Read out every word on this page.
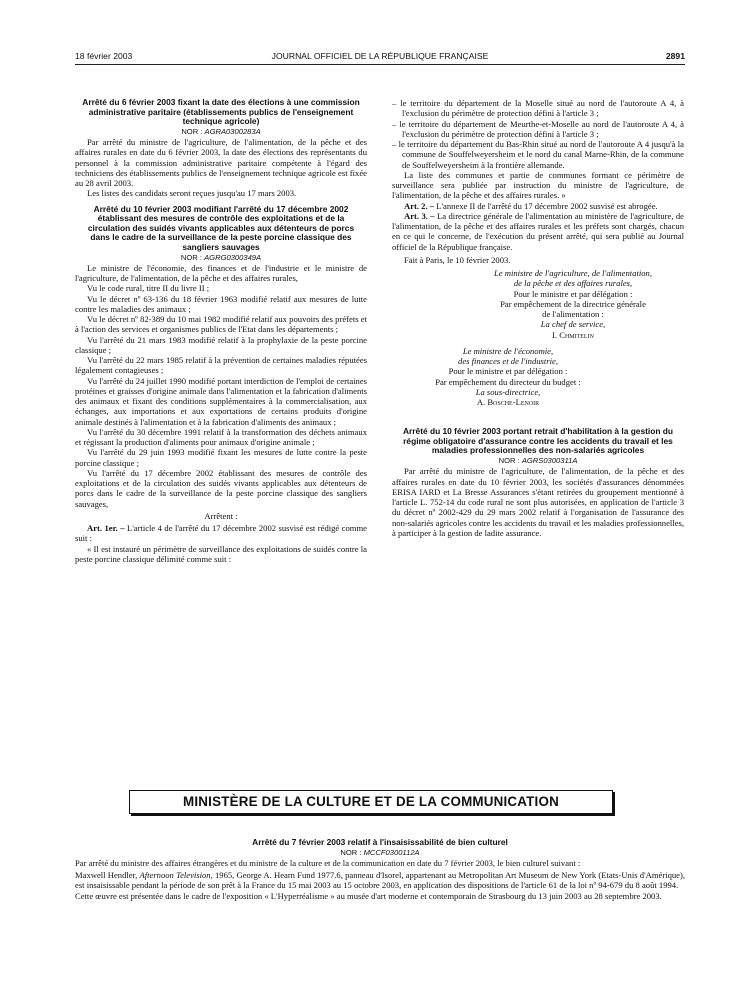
18 février 2003	JOURNAL OFFICIEL DE LA RÉPUBLIQUE FRANÇAISE	2891

Arrêté du 6 février 2003 fixant la date des élections à une commission administrative paritaire (établissements publics de l'enseignement technique agricole)

NOR : AGRA0300283A

Par arrêté du ministre de l'agriculture, de l'alimentation, de la pêche et des affaires rurales en date du 6 février 2003, la date des élections des représentants du personnel à la commission administrative paritaire compétente à l'égard des techniciens des établissements publics de l'enseignement technique agricole est fixée au 28 avril 2003.

Les listes des candidats seront reçues jusqu'au 17 mars 2003.

Arrêté du 10 février 2003 modifiant l'arrêté du 17 décembre 2002 établissant des mesures de contrôle des exploitations et de la circulation des suidés vivants applicables aux détenteurs de porcs dans le cadre de la surveillance de la peste porcine classique des sangliers sauvages

NOR : AGRG0300349A

Le ministre de l'économie, des finances et de l'industrie et le ministre de l'agriculture, de l'alimentation, de la pêche et des affaires rurales,

Vu le code rural, titre II du livre II ;

Vu le décret nº 63-136 du 18 février 1963 modifié relatif aux mesures de lutte contre les maladies des animaux ;

Vu le décret nº 82-389 du 10 mai 1982 modifié relatif aux pouvoirs des préfets et à l'action des services et organismes publics de l'Etat dans les départements ;

Vu l'arrêté du 21 mars 1983 modifié relatif à la prophylaxie de la peste porcine classique ;

Vu l'arrêté du 22 mars 1985 relatif à la prévention de certaines maladies réputées légalement contagieuses ;

Vu l'arrêté du 24 juillet 1990 modifié portant interdiction de l'emploi de certaines protéines et graisses d'origine animale dans l'alimentation et la fabrication d'aliments des animaux et fixant des conditions supplémentaires à la commercialisation, aux échanges, aux importations et aux exportations de certains produits d'origine animale destinés à l'alimentation et à la fabrication d'aliments des animaux ;

Vu l'arrêté du 30 décembre 1991 relatif à la transformation des déchets animaux et régissant la production d'aliments pour animaux d'origine animale ;

Vu l'arrêté du 29 juin 1993 modifié fixant les mesures de lutte contre la peste porcine classique ;

Vu l'arrêté du 17 décembre 2002 établissant des mesures de contrôle des exploitations et de la circulation des suidés vivants applicables aux détenteurs de porcs dans le cadre de la surveillance de la peste porcine classique des sangliers sauvages,

Arrêtent :

Art. 1er. – L'article 4 de l'arrêté du 17 décembre 2002 susvisé est rédigé comme suit :

« Il est instauré un périmètre de surveillance des exploitations de suidés contre la peste porcine classique délimité comme suit :

– le territoire du département de la Moselle situé au nord de l'autoroute A 4, à l'exclusion du périmètre de protection défini à l'article 3 ;

– le territoire du département de Meurthe-et-Moselle au nord de l'autoroute A 4, à l'exclusion du périmètre de protection défini à l'article 3 ;

– le territoire du département du Bas-Rhin situé au nord de l'autoroute A 4 jusqu'à la commune de Souffelweyersheim et le nord du canal Marne-Rhin, de la commune de Souffelweyersheim à la frontière allemande.

La liste des communes et partie de communes formant ce périmètre de surveillance sera publiée par instruction du ministre de l'agriculture, de l'alimentation, de la pêche et des affaires rurales. »

Art. 2. – L'annexe II de l'arrêté du 17 décembre 2002 susvisé est abrogée.

Art. 3. – La directrice générale de l'alimentation au ministère de l'agriculture, de l'alimentation, de la pêche et des affaires rurales et les préfets sont chargés, chacun en ce qui le concerne, de l'exécution du présent arrêté, qui sera publié au Journal officiel de la République française.

Fait à Paris, le 10 février 2003.

Le ministre de l'agriculture, de l'alimentation,
de la pêche et des affaires rurales,
Pour le ministre et par délégation :
Par empêchement de la directrice générale
de l'alimentation :
La chef de service,
I. Chmitelin
Le ministre de l'économie,
des finances et de l'industrie,
Pour le ministre et par délégation :
Par empêchement du directeur du budget :
La sous-directrice,
A. Bosche-Lenoir

Arrêté du 10 février 2003 portant retrait d'habilitation à la gestion du régime obligatoire d'assurance contre les accidents du travail et les maladies professionnelles des non-salariés agricoles

NOR : AGRS0300311A

Par arrêté du ministre de l'agriculture, de l'alimentation, de la pêche et des affaires rurales en date du 10 février 2003, les sociétés d'assurances dénommées ERISA IARD et La Bresse Assurances s'étant retirées du groupement mentionné à l'article L. 752-14 du code rural ne sont plus autorisées, en application de l'article 3 du décret nº 2002-429 du 29 mars 2002 relatif à l'organisation de l'assurance des non-salariés agricoles contre les accidents du travail et les maladies professionnelles, à participer à la gestion de ladite assurance.

MINISTÈRE DE LA CULTURE ET DE LA COMMUNICATION

Arrêté du 7 février 2003 relatif à l'insaisissabilité de bien culturel

NOR : MCCF0300112A

Par arrêté du ministre des affaires étrangères et du ministre de la culture et de la communication en date du 7 février 2003, le bien culturel suivant :

Maxwell Hendler, Afternoon Television, 1965, George A. Hearn Fund 1977.6, panneau d'Isorel, appartenant au Metropolitan Art Museum de New York (Etats-Unis d'Amérique), est insaisissable pendant la période de son prêt à la France du 15 mai 2003 au 15 octobre 2003, en application des dispositions de l'article 61 de la loi nº 94-679 du 8 août 1994.

Cette œuvre est présentée dans le cadre de l'exposition « L'Hyperréalisme » au musée d'art moderne et contemporain de Strasbourg du 13 juin 2003 au 28 septembre 2003.
